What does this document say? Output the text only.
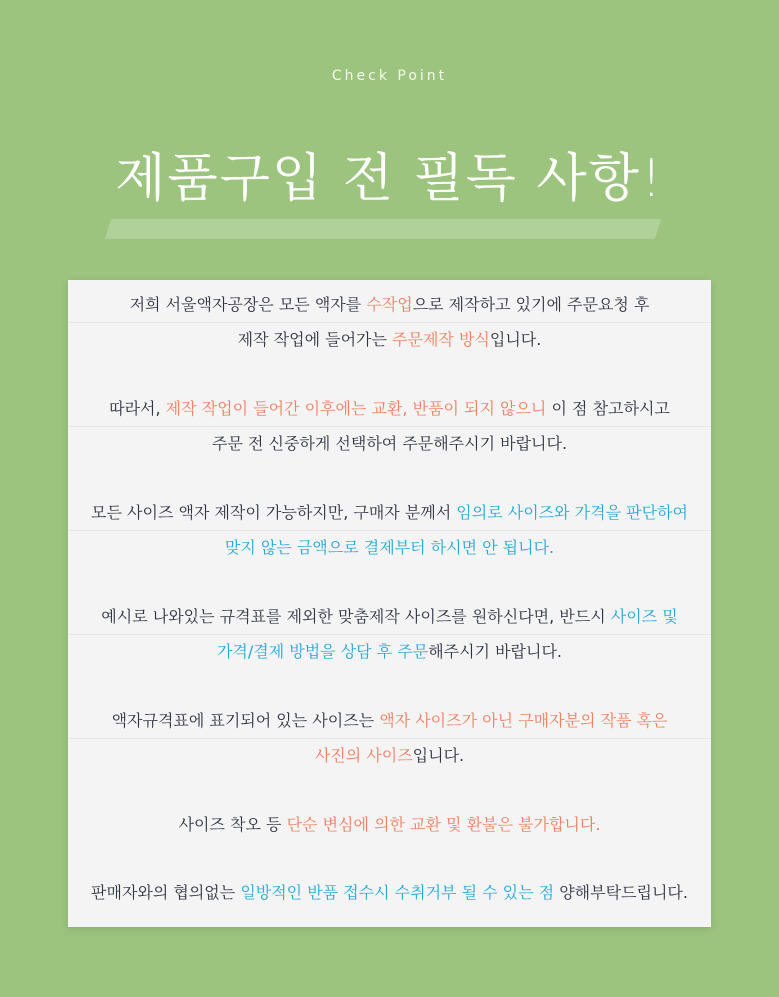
Check Point
제품구입 전 필독 사항!
저희 서울액자공장은 모든 액자를 수작업으로 제작하고 있기에 주문요청 후
제작 작업에 들어가는 주문제작 방식입니다.
따라서, 제작 작업이 들어간 이후에는 교환, 반품이 되지 않으니 이 점 참고하시고
주문 전 신중하게 선택하여 주문해주시기 바랍니다.
모든 사이즈 액자 제작이 가능하지만, 구매자 분께서 임의로 사이즈와 가격을 판단하여
맞지 않는 금액으로 결제부터 하시면 안 됩니다.
예시로 나와있는 규격표를 제외한 맞춤제작 사이즈를 원하신다면, 반드시 사이즈 및
가격/결제 방법을 상담 후 주문해주시기 바랍니다.
액자규격표에 표기되어 있는 사이즈는 액자 사이즈가 아닌 구매자분의 작품 혹은
사진의 사이즈입니다.
사이즈 착오 등 단순 변심에 의한 교환 및 환불은 불가합니다.
판매자와의 협의없는 일방적인 반품 접수시 수취거부 될 수 있는 점 양해부탁드립니다.
